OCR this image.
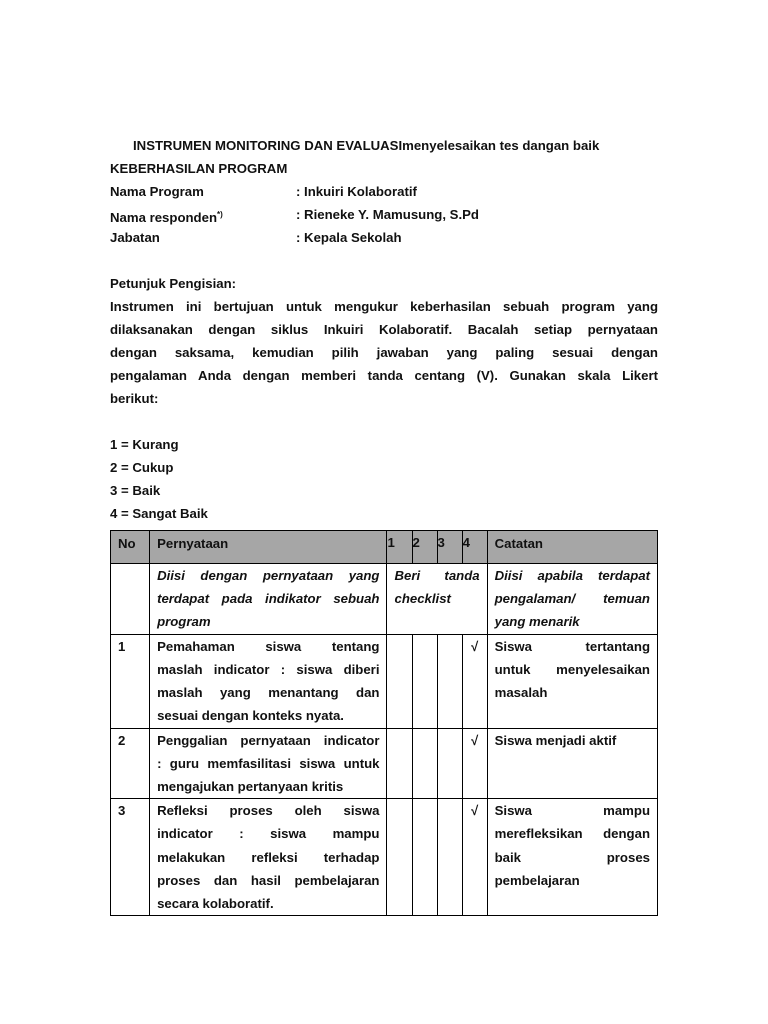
INSTRUMEN MONITORING DAN EVALUASImenyelesaikan tes dangan baik
KEBERHASILAN PROGRAM
Nama Program	: Inkuiri Kolaboratif
Nama responden*)	: Rieneke Y. Mamusung, S.Pd
Jabatan	: Kepala Sekolah
Petunjuk Pengisian:
Instrumen ini bertujuan untuk mengukur keberhasilan sebuah program yang
dilaksanakan dengan siklus Inkuiri Kolaboratif. Bacalah setiap pernyataan
dengan saksama, kemudian pilih jawaban yang paling sesuai dengan
pengalaman Anda dengan memberi tanda centang (V). Gunakan skala Likert
berikut:
1 = Kurang
2 = Cukup
3 = Baik
4 = Sangat Baik
No	Pernyataan	1	2	3	4	Catatan

	Diisi dengan pernyataan yang
terdapat pada indikator sebuah
program	Beri tanda
checklist				Diisi apabila terdapat
pengalaman/ temuan
yang menarik

1	Pemahaman siswa tentang
maslah indicator : siswa diberi
maslah yang menantang dan
sesuai dengan konteks nyata.				√	Siswa tertantang
untuk menyelesaikan
masalah

2	Penggalian pernyataan indicator
: guru memfasilitasi siswa untuk
mengajukan pertanyaan kritis				√	Siswa menjadi aktif

3	Refleksi proses oleh siswa
indicator : siswa mampu
melakukan refleksi terhadap
proses dan hasil pembelajaran
secara kolaboratif.				√	Siswa mampu
merefleksikan dengan
baik proses
pembelajaran
